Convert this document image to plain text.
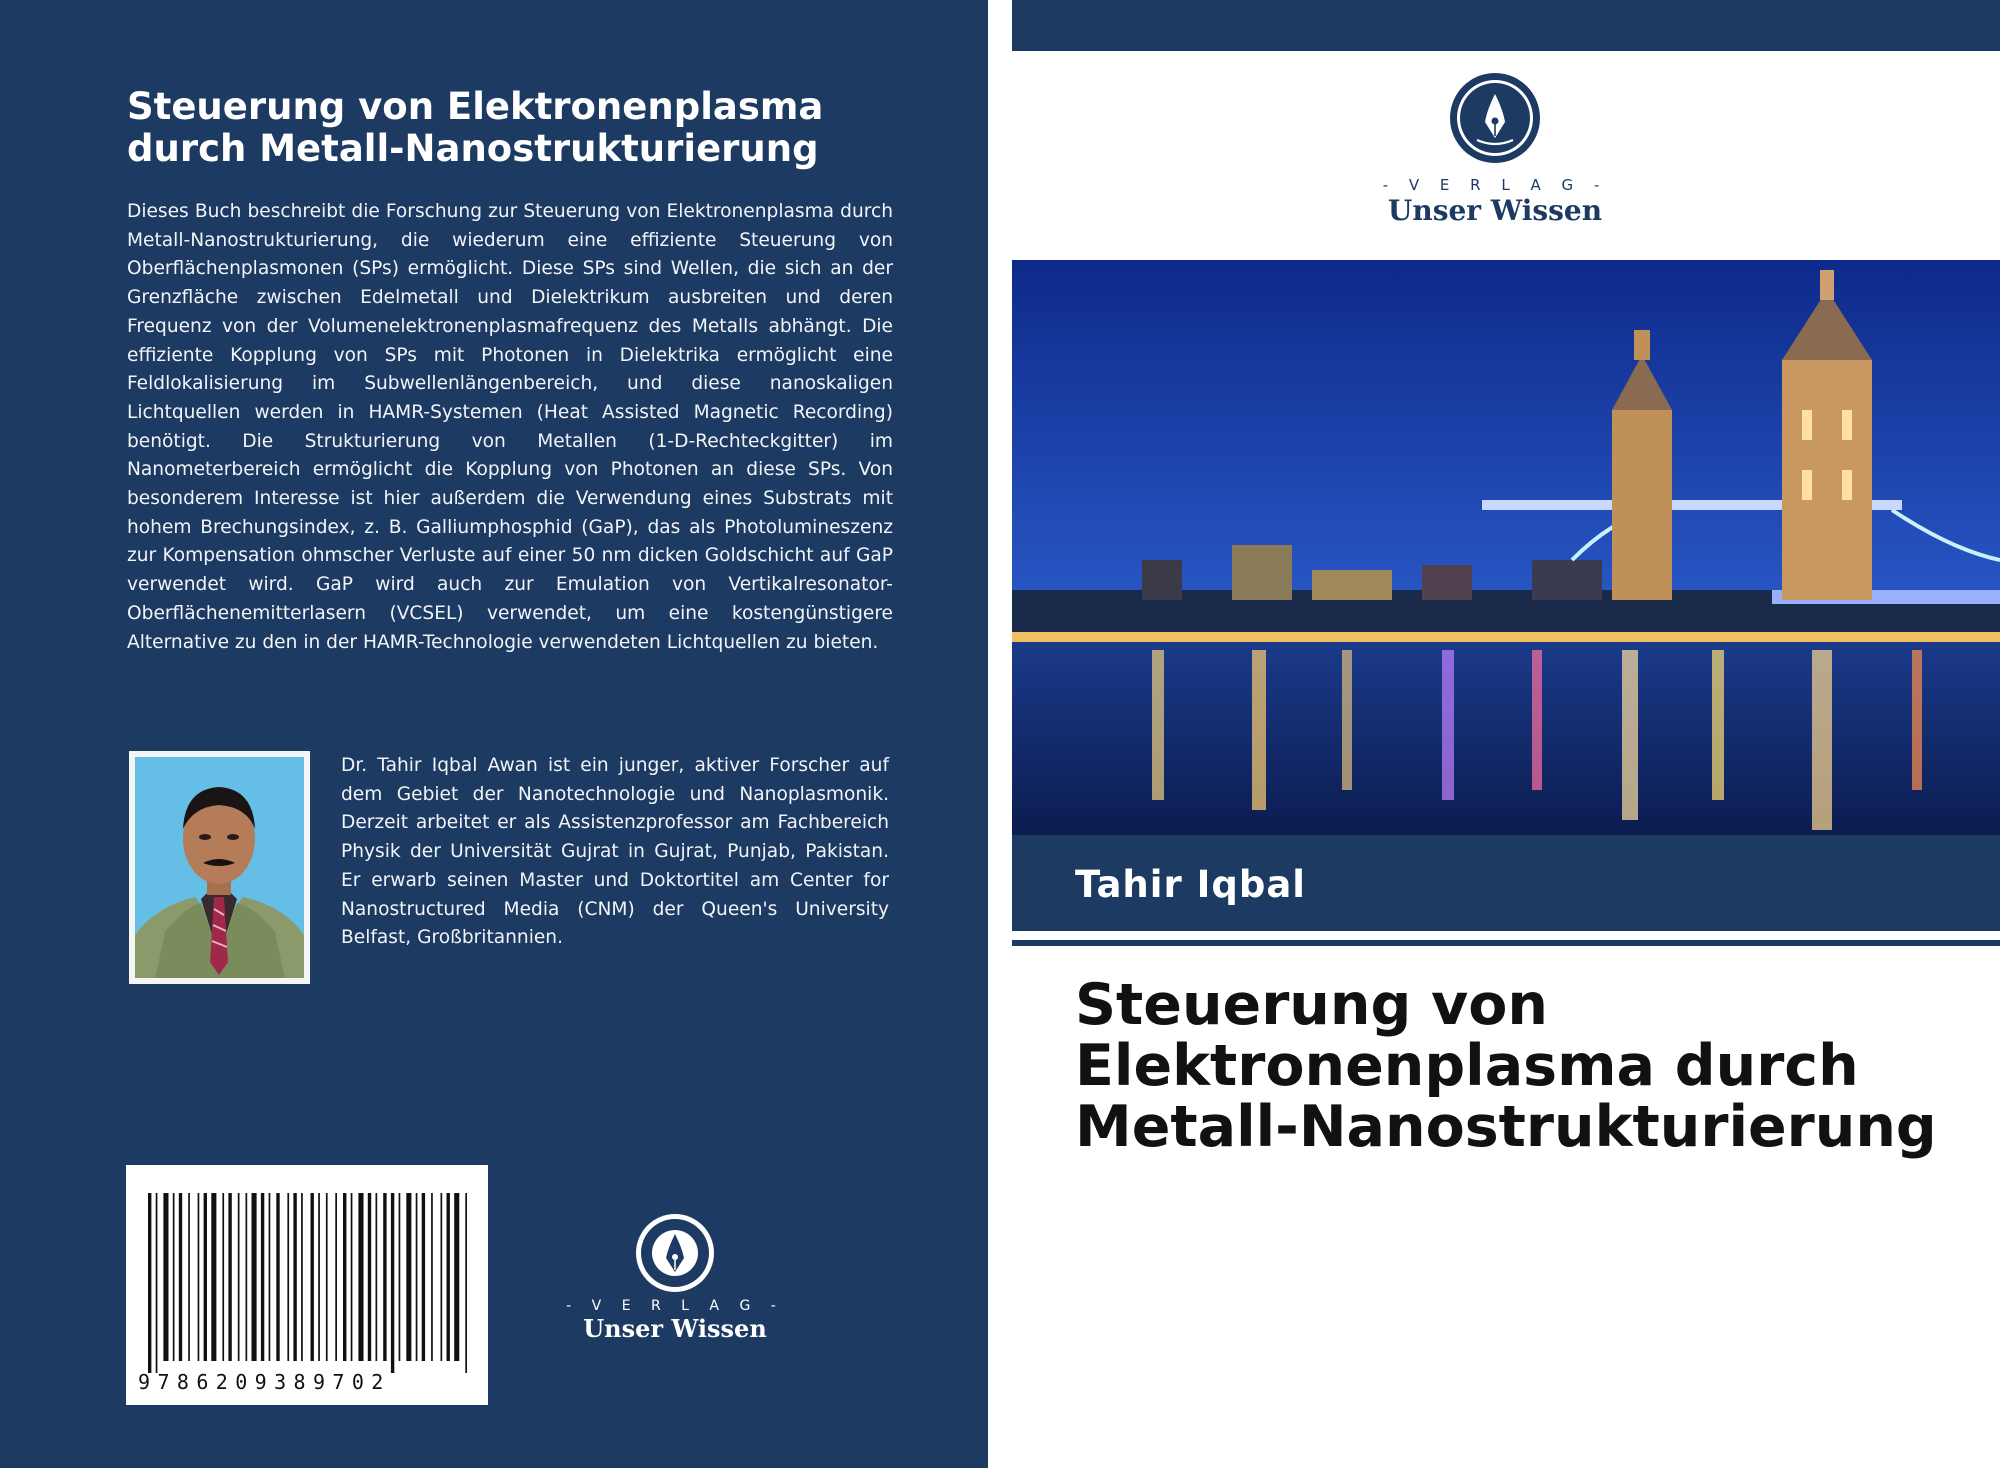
Steuerung von Elektronenplasma durch Metall-Nanostrukturierung

Dieses Buch beschreibt die Forschung zur Steuerung von Elektronenplasma durch Metall-Nanostrukturierung, die wiederum eine effiziente Steuerung von Oberflächenplasmonen (SPs) ermöglicht. Diese SPs sind Wellen, die sich an der Grenzfläche zwischen Edelmetall und Dielektrikum ausbreiten und deren Frequenz von der Volumenelektronenplasmafrequenz des Metalls abhängt. Die effiziente Kopplung von SPs mit Photonen in Dielektrika ermöglicht eine Feldlokalisierung im Subwellenlängenbereich, und diese nanoskaligen Lichtquellen werden in HAMR-Systemen (Heat Assisted Magnetic Recording) benötigt. Die Strukturierung von Metallen (1-D-Rechteckgitter) im Nanometerbereich ermöglicht die Kopplung von Photonen an diese SPs. Von besonderem Interesse ist hier außerdem die Verwendung eines Substrats mit hohem Brechungsindex, z. B. Galliumphosphid (GaP), das als Photolumineszenz zur Kompensation ohmscher Verluste auf einer 50 nm dicken Goldschicht auf GaP verwendet wird. GaP wird auch zur Emulation von Vertikalresonator-Oberflächenemitterlasern (VCSEL) verwendet, um eine kostengünstigere Alternative zu den in der HAMR-Technologie verwendeten Lichtquellen zu bieten.

Dr. Tahir Iqbal Awan ist ein junger, aktiver Forscher auf dem Gebiet der Nanotechnologie und Nanoplasmonik. Derzeit arbeitet er als Assistenzprofessor am Fachbereich Physik der Universität Gujrat in Gujrat, Punjab, Pakistan. Er erwarb seinen Master und Doktortitel am Center for Nanostructured Media (CNM) der Queen's University Belfast, Großbritannien.

9786209389702
- V E R L A G -
Unser Wissen
- V E R L A G -
Unser Wissen
Tahir Iqbal
Steuerung von Elektronenplasma durch Metall-Nanostrukturierung
